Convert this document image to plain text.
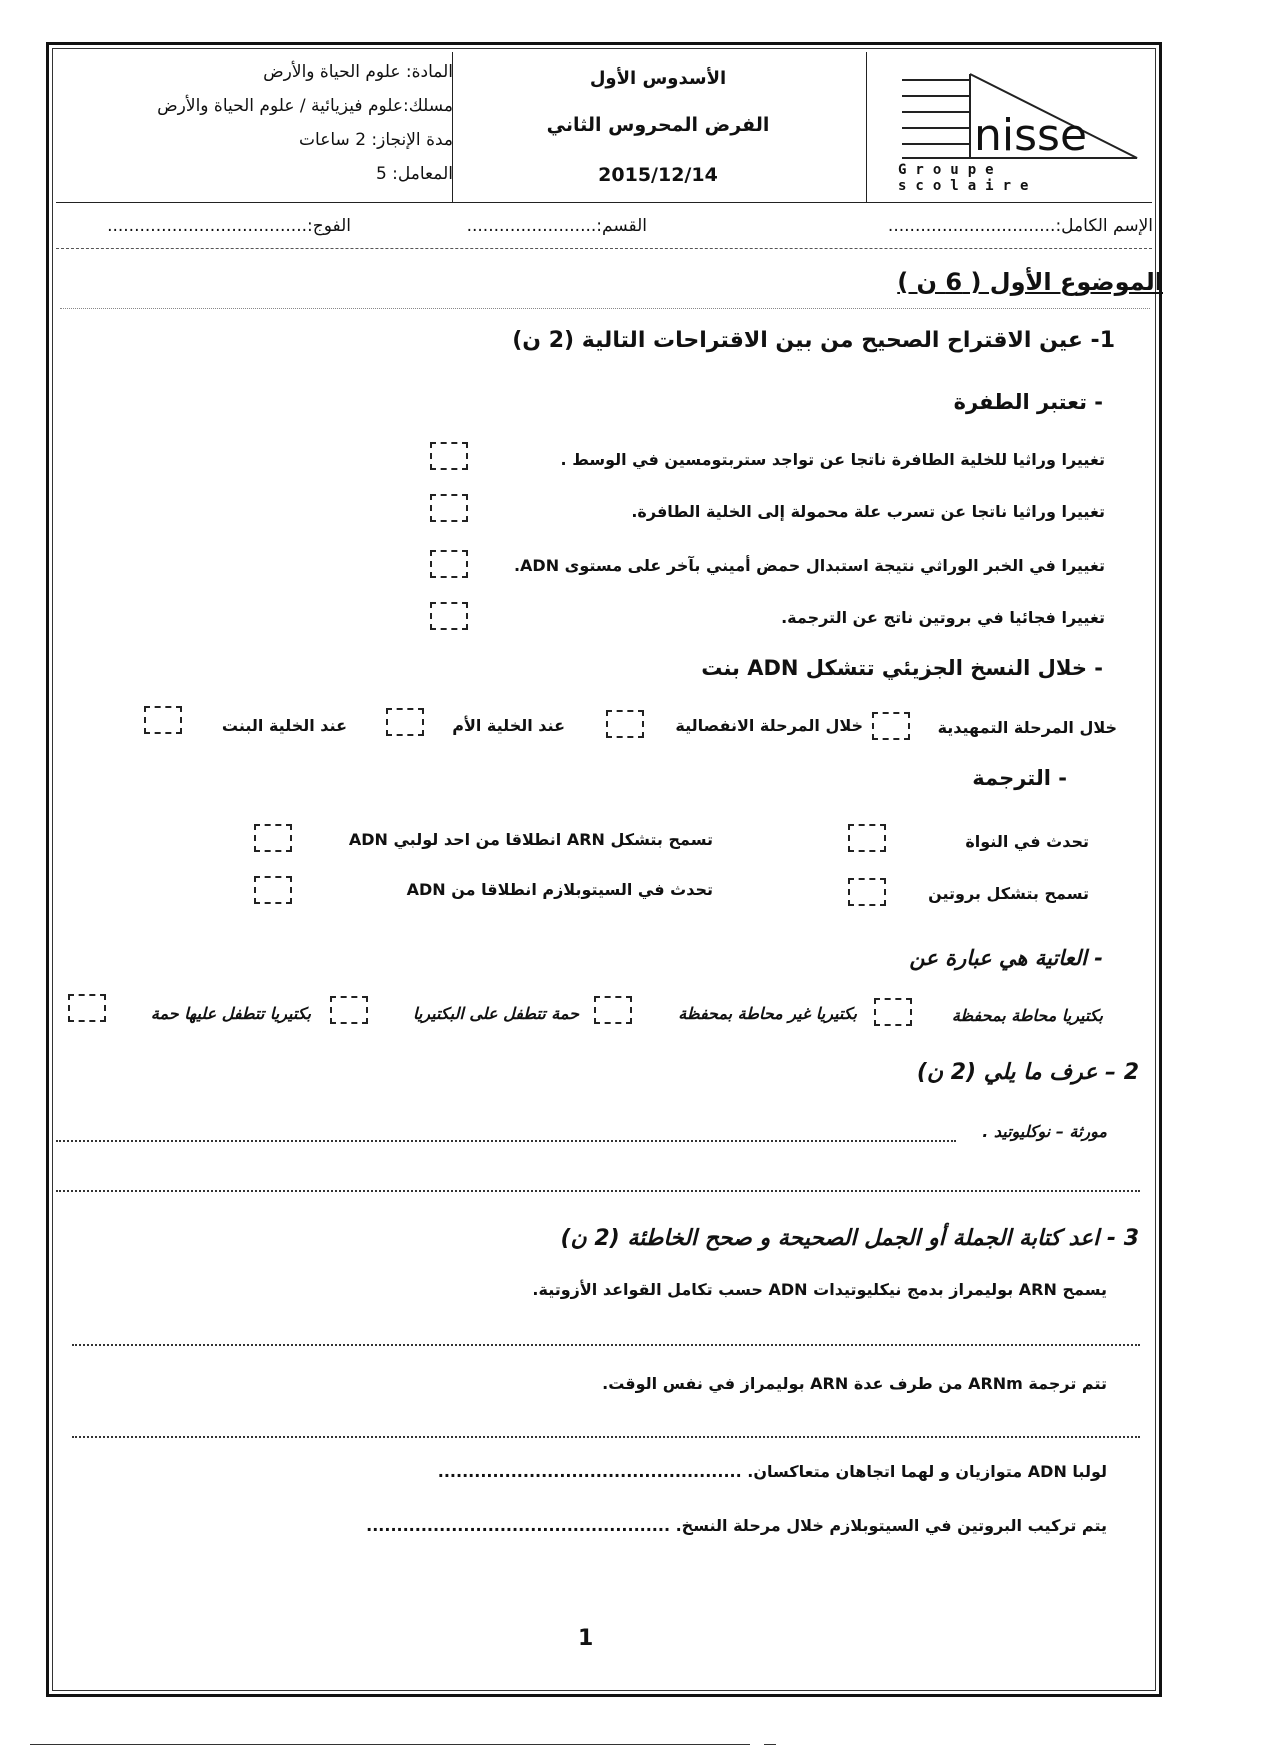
المادة: علوم الحياة والأرض
مسلك:علوم فيزيائية / علوم الحياة والأرض
مدة الإنجاز: 2 ساعات
المعامل: 5
الأسدوس الأول
الفرض المحروس الثاني
2015/12/14
nisse
Groupe scolaire
الإسم الكامل:...............................
القسم:........................
الفوج:.....................................
الموضوع الأول ( 6 ن )
1- عين الاقتراح الصحيح من بين الاقتراحات التالية (2 ن)
- تعتبر الطفرة
تغييرا وراثيا للخلية الطافرة ناتجا عن تواجد ستربتومسين في الوسط .
تغييرا وراثيا ناتجا عن تسرب علة محمولة إلى الخلية الطافرة.
تغييرا في الخبر الوراثي نتيجة استبدال حمض أميني بآخر على مستوى ADN.
تغييرا فجائيا في بروتين ناتج عن الترجمة.
- خلال النسخ الجزيئي تتشكل ADN بنت
خلال المرحلة التمهيدية
خلال المرحلة الانفصالية
عند الخلية الأم
عند الخلية البنت
- الترجمة
تحدث في النواة
تسمح بتشكل ARN انطلاقا من احد لولبي ADN
تسمح بتشكل بروتين
تحدث في السيتوبلازم انطلاقا من ADN
- العاتية هي عبارة عن
بكتيريا محاطة بمحفظة
بكتيريا غير محاطة بمحفظة
حمة تتطفل على البكتيريا
بكتيريا تتطفل عليها حمة
2 – عرف ما يلي (2 ن)
مورثة – نوكليوتيد .
3 - اعد كتابة الجملة أو الجمل الصحيحة و صحح الخاطئة (2 ن)
يسمح ARN بوليمراز بدمج نيكليوتيدات ADN حسب تكامل القواعد الأزوتية.
تتم ترجمة ARNm من طرف عدة ARN بوليمراز في نفس الوقت.
لولبا ADN متوازيان و لهما اتجاهان متعاكسان. ..................................................
يتم تركيب البروتين في السيتوبلازم خلال مرحلة النسخ. ..................................................
1
